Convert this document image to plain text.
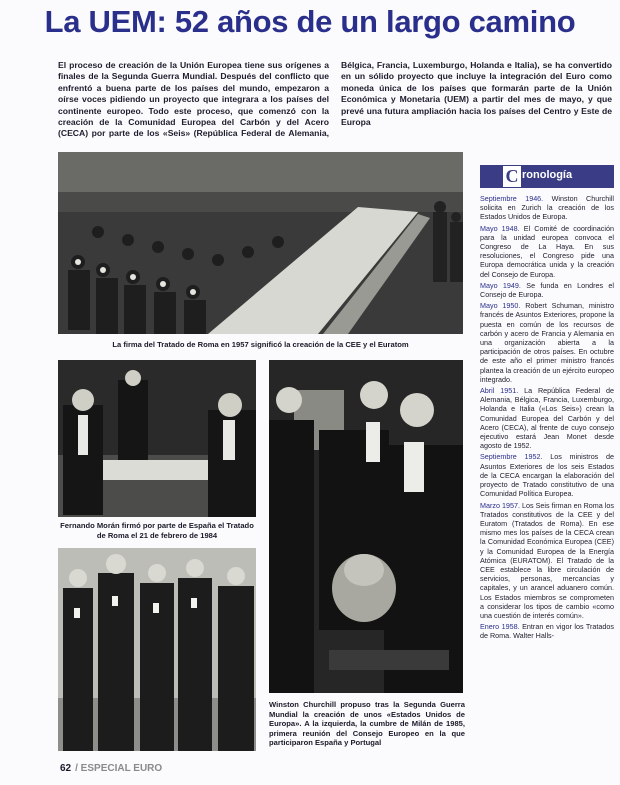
La UEM: 52 años de un largo camino

El proceso de creación de la Unión Europea tiene sus orígenes a finales de la Segunda Guerra Mundial. Después del conflicto que enfrentó a buena parte de los países del mundo, empezaron a oírse voces pidiendo un proyecto que integrara a los países del continente europeo. Todo este proceso, que comenzó con la creación de la Comunidad Europea del Carbón y del Acero (CECA) por parte de los «Seis» (República Federal de Alemania, Bélgica, Francia, Luxemburgo, Holanda e Italia), se ha convertido en un sólido proyecto que incluye la integración del Euro como moneda única de los países que formarán parte de la Unión Económica y Monetaria (UEM) a partir del mes de mayo, y que prevé una futura ampliación hacia los países del Centro y Este de Europa

La firma del Tratado de Roma en 1957 significó la creación de la CEE y el Euratom

Fernando Morán firmó por parte de España el Tratado de Roma el 21 de febrero de 1984

Winston Churchill propuso tras la Segunda Guerra Mundial la creación de unos «Estados Unidos de Europa». A la izquierda, la cumbre de Milán de 1985, primera reunión del Consejo Europeo en la que participaron España y Portugal

C ronología

Septiembre 1946. Winston Churchill solicita en Zurich la creación de los Estados Unidos de Europa.

Mayo 1948. El Comité de coordinación para la unidad europea convoca el Congreso de La Haya. En sus resoluciones, el Congreso pide una Europa democrática unida y la creación del Consejo de Europa.

Mayo 1949. Se funda en Londres el Consejo de Europa.

Mayo 1950. Robert Schuman, ministro francés de Asuntos Exteriores, propone la puesta en común de los recursos de carbón y acero de Francia y Alemania en una organización abierta a la participación de otros países. En octubre de este año el primer ministro francés plantea la creación de un ejército europeo integrado.

Abril 1951. La República Federal de Alemania, Bélgica, Francia, Luxemburgo, Holanda e Italia («Los Seis») crean la Comunidad Europea del Carbón y del Acero (CECA), al frente de cuyo consejo ejecutivo estará Jean Monet desde agosto de 1952.

Septiembre 1952. Los ministros de Asuntos Exteriores de los seis Estados de la CECA encargan la elaboración del proyecto de Tratado constitutivo de una Comunidad Política Europea.

Marzo 1957. Los Seis firman en Roma los Tratados constitutivos de la CEE y del Euratom (Tratados de Roma). En ese mismo mes los países de la CECA crean la Comunidad Económica Europea (CEE) y la Comunidad Europea de la Energía Atómica (EURATOM). El Tratado de la CEE establece la libre circulación de servicios, personas, mercancías y capitales, y un arancel aduanero común. Los Estados miembros se comprometen a considerar los tipos de cambio «como una cuestión de interés común».

Enero 1958. Entran en vigor los Tratados de Roma. Walter Halls-

62 / ESPECIAL EURO
